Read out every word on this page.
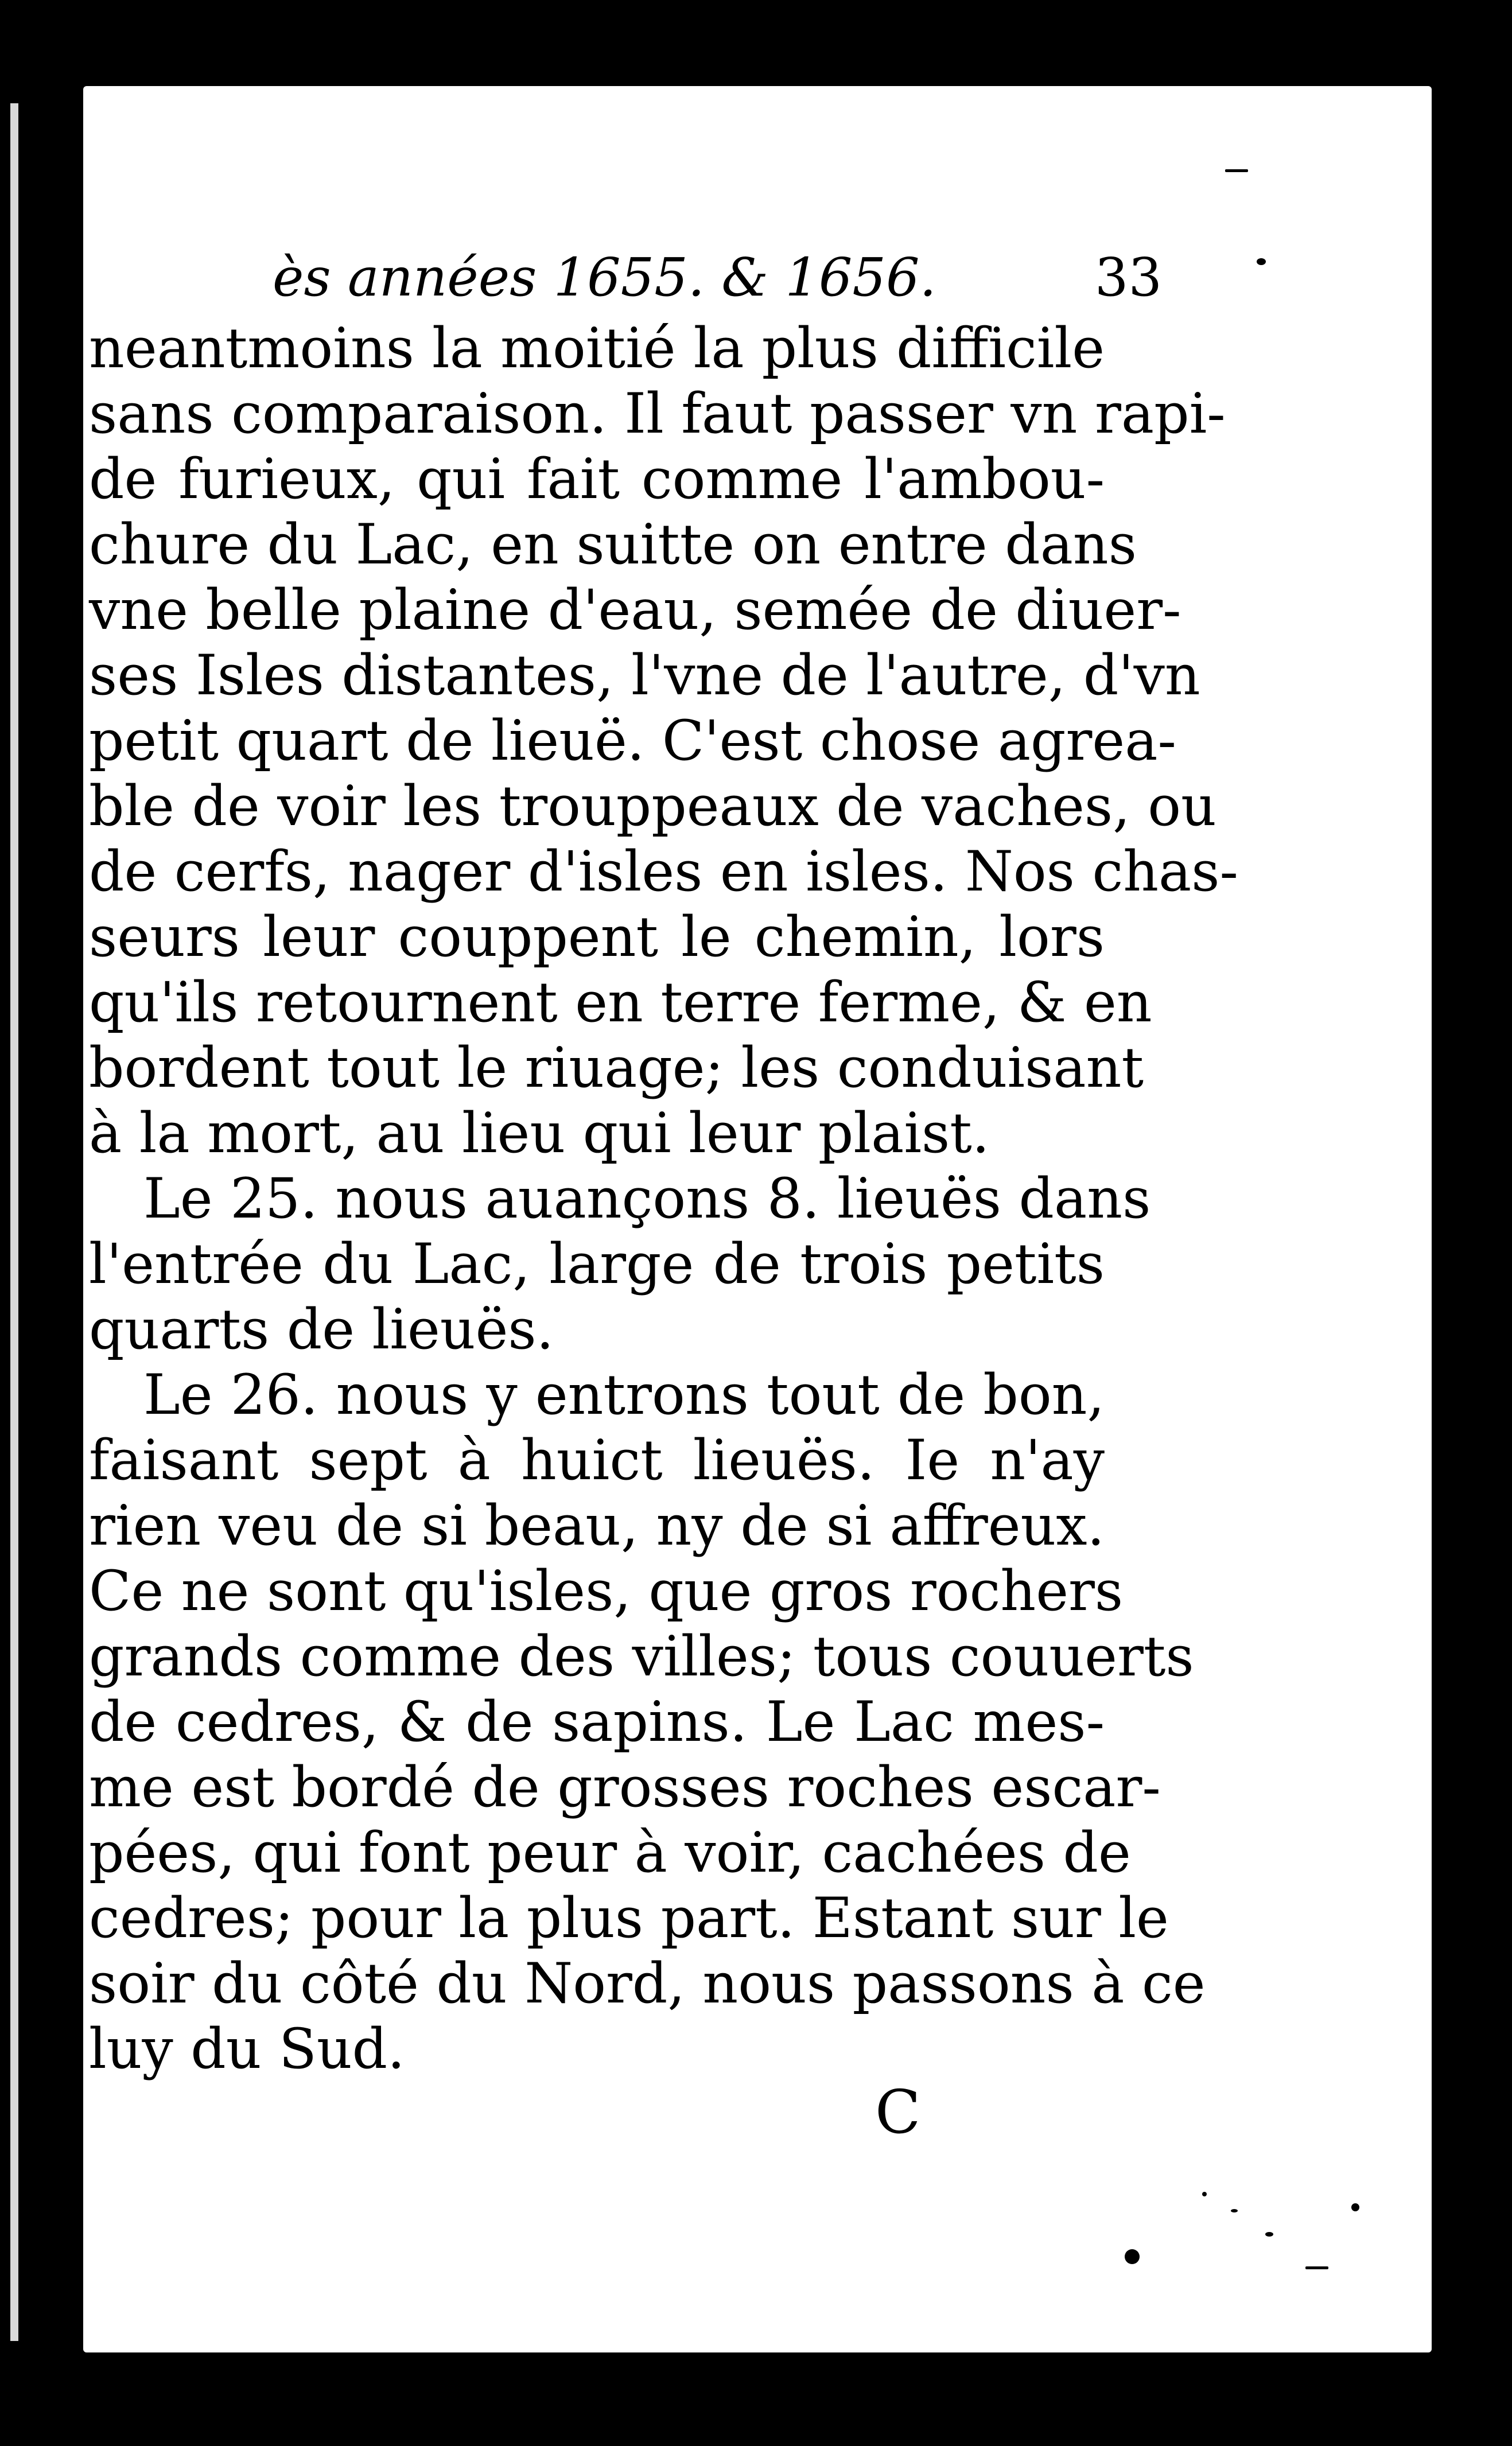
ès années 1655. & 1656.	33
neantmoins la moitié la plus difficile
sans comparaison. Il faut passer vn rapi-
de furieux, qui fait comme l'ambou-
chure du Lac, en suitte on entre dans
vne belle plaine d'eau, semée de diuer-
ses Isles distantes, l'vne de l'autre, d'vn
petit quart de lieuë. C'est chose agrea-
ble de voir les trouppeaux de vaches, ou
de cerfs, nager d'isles en isles. Nos chas-
seurs leur couppent le chemin, lors
qu'ils retournent en terre ferme, & en
bordent tout le riuage; les conduisant
à la mort, au lieu qui leur plaist.
Le 25. nous auançons 8. lieuës dans
l'entrée du Lac, large de trois petits
quarts de lieuës.
Le 26. nous y entrons tout de bon,
faisant sept à huict lieuës. Ie n'ay
rien veu de si beau, ny de si affreux.
Ce ne sont qu'isles, que gros rochers
grands comme des villes; tous couuerts
de cedres, & de sapins. Le Lac mes-
me est bordé de grosses roches escar-
pées, qui font peur à voir, cachées de
cedres; pour la plus part. Estant sur le
soir du côté du Nord, nous passons à ce
luy du Sud.
C
